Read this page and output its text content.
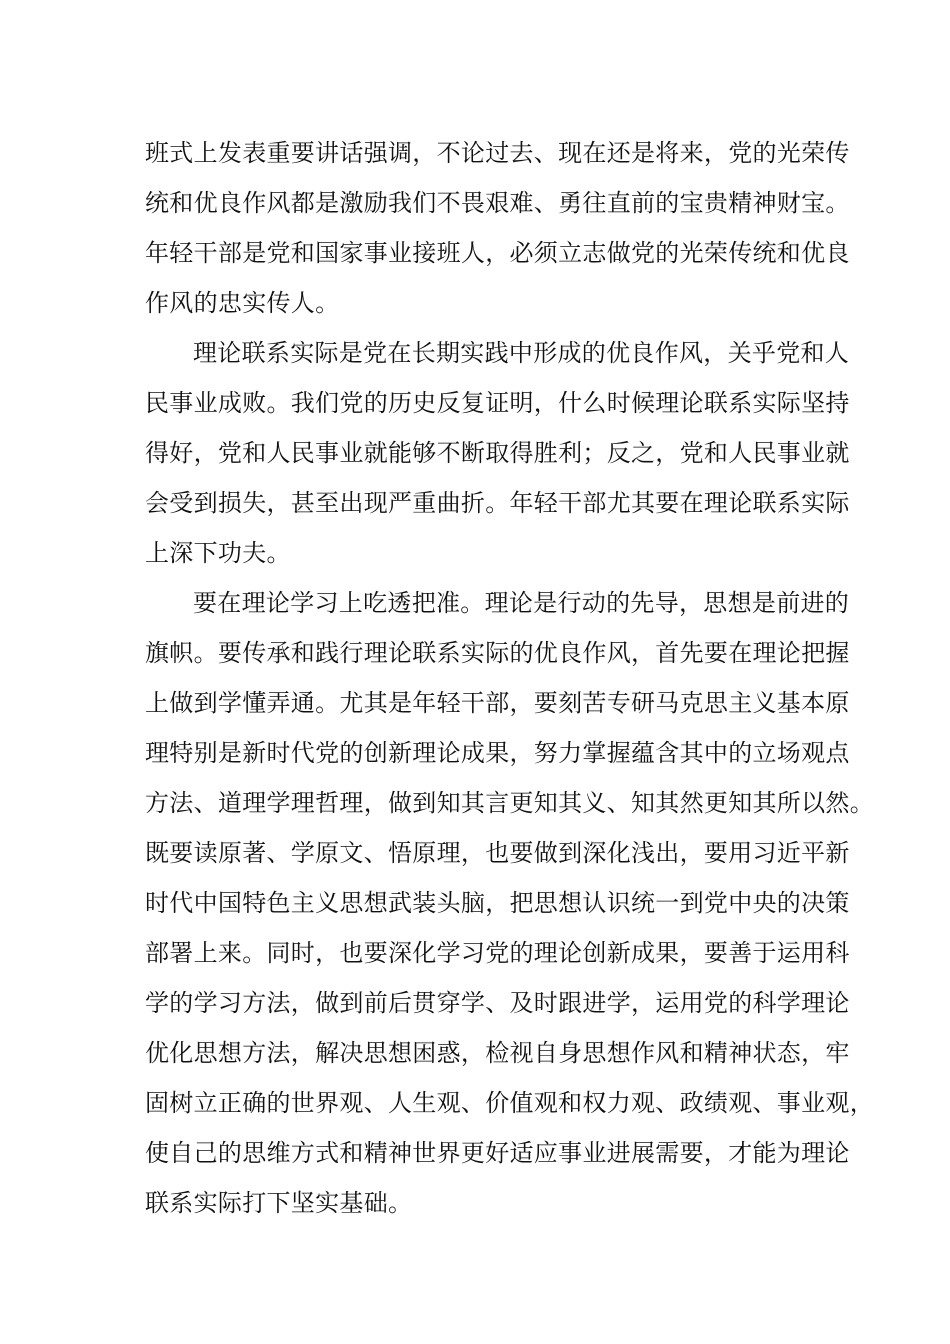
班式上发表重要讲话强调，不论过去、现在还是将来，党的光荣传
统和优良作风都是激励我们不畏艰难、勇往直前的宝贵精神财宝。
年轻干部是党和国家事业接班人，必须立志做党的光荣传统和优良
作风的忠实传人。
理论联系实际是党在长期实践中形成的优良作风，关乎党和人
民事业成败。我们党的历史反复证明，什么时候理论联系实际坚持
得好，党和人民事业就能够不断取得胜利；反之，党和人民事业就
会受到损失，甚至出现严重曲折。年轻干部尤其要在理论联系实际
上深下功夫。
要在理论学习上吃透把准。理论是行动的先导，思想是前进的
旗帜。要传承和践行理论联系实际的优良作风，首先要在理论把握
上做到学懂弄通。尤其是年轻干部，要刻苦专研马克思主义基本原
理特别是新时代党的创新理论成果，努力掌握蕴含其中的立场观点
方法、道理学理哲理，做到知其言更知其义、知其然更知其所以然。
既要读原著、学原文、悟原理，也要做到深化浅出，要用习近平新
时代中国特色主义思想武装头脑，把思想认识统一到党中央的决策
部署上来。同时，也要深化学习党的理论创新成果，要善于运用科
学的学习方法，做到前后贯穿学、及时跟进学，运用党的科学理论
优化思想方法，解决思想困惑，检视自身思想作风和精神状态，牢
固树立正确的世界观、人生观、价值观和权力观、政绩观、事业观，
使自己的思维方式和精神世界更好适应事业进展需要，才能为理论
联系实际打下坚实基础。
